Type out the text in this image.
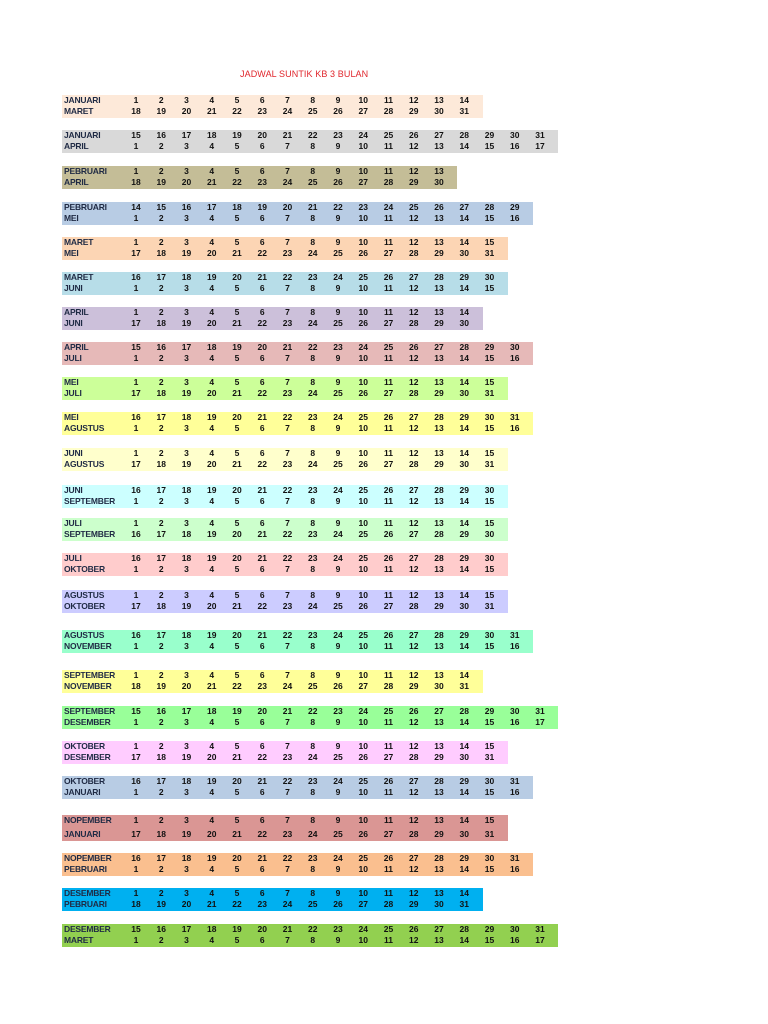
JADWAL SUNTIK KB 3 BULAN
JANUARI	1	2	3	4	5	6	7	8	9	10	11	12	13	14
MARET	18	19	20	21	22	23	24	25	26	27	28	29	30	31
JANUARI	15	16	17	18	19	20	21	22	23	24	25	26	27	28	29	30	31
APRIL	1	2	3	4	5	6	7	8	9	10	11	12	13	14	15	16	17
PEBRUARI	1	2	3	4	5	6	7	8	9	10	11	12	13
APRIL	18	19	20	21	22	23	24	25	26	27	28	29	30
PEBRUARI	14	15	16	17	18	19	20	21	22	23	24	25	26	27	28	29
MEI	1	2	3	4	5	6	7	8	9	10	11	12	13	14	15	16
MARET	1	2	3	4	5	6	7	8	9	10	11	12	13	14	15
MEI	17	18	19	20	21	22	23	24	25	26	27	28	29	30	31
MARET	16	17	18	19	20	21	22	23	24	25	26	27	28	29	30
JUNI	1	2	3	4	5	6	7	8	9	10	11	12	13	14	15
APRIL	1	2	3	4	5	6	7	8	9	10	11	12	13	14
JUNI	17	18	19	20	21	22	23	24	25	26	27	28	29	30
APRIL	15	16	17	18	19	20	21	22	23	24	25	26	27	28	29	30
JULI	1	2	3	4	5	6	7	8	9	10	11	12	13	14	15	16
MEI	1	2	3	4	5	6	7	8	9	10	11	12	13	14	15
JULI	17	18	19	20	21	22	23	24	25	26	27	28	29	30	31
MEI	16	17	18	19	20	21	22	23	24	25	26	27	28	29	30	31
AGUSTUS	1	2	3	4	5	6	7	8	9	10	11	12	13	14	15	16
JUNI	1	2	3	4	5	6	7	8	9	10	11	12	13	14	15
AGUSTUS	17	18	19	20	21	22	23	24	25	26	27	28	29	30	31
JUNI	16	17	18	19	20	21	22	23	24	25	26	27	28	29	30
SEPTEMBER	1	2	3	4	5	6	7	8	9	10	11	12	13	14	15
JULI	1	2	3	4	5	6	7	8	9	10	11	12	13	14	15
SEPTEMBER	16	17	18	19	20	21	22	23	24	25	26	27	28	29	30
JULI	16	17	18	19	20	21	22	23	24	25	26	27	28	29	30
OKTOBER	1	2	3	4	5	6	7	8	9	10	11	12	13	14	15
AGUSTUS	1	2	3	4	5	6	7	8	9	10	11	12	13	14	15
OKTOBER	17	18	19	20	21	22	23	24	25	26	27	28	29	30	31
AGUSTUS	16	17	18	19	20	21	22	23	24	25	26	27	28	29	30	31
NOVEMBER	1	2	3	4	5	6	7	8	9	10	11	12	13	14	15	16
SEPTEMBER	1	2	3	4	5	6	7	8	9	10	11	12	13	14
NOVEMBER	18	19	20	21	22	23	24	25	26	27	28	29	30	31
SEPTEMBER	15	16	17	18	19	20	21	22	23	24	25	26	27	28	29	30	31
DESEMBER	1	2	3	4	5	6	7	8	9	10	11	12	13	14	15	16	17
OKTOBER	1	2	3	4	5	6	7	8	9	10	11	12	13	14	15
DESEMBER	17	18	19	20	21	22	23	24	25	26	27	28	29	30	31
OKTOBER	16	17	18	19	20	21	22	23	24	25	26	27	28	29	30	31
JANUARI	1	2	3	4	5	6	7	8	9	10	11	12	13	14	15	16
NOPEMBER	1	2	3	4	5	6	7	8	9	10	11	12	13	14	15
JANUARI	17	18	19	20	21	22	23	24	25	26	27	28	29	30	31
NOPEMBER	16	17	18	19	20	21	22	23	24	25	26	27	28	29	30	31
PEBRUARI	1	2	3	4	5	6	7	8	9	10	11	12	13	14	15	16
DESEMBER	1	2	3	4	5	6	7	8	9	10	11	12	13	14
PEBRUARI	18	19	20	21	22	23	24	25	26	27	28	29	30	31
DESEMBER	15	16	17	18	19	20	21	22	23	24	25	26	27	28	29	30	31
MARET	1	2	3	4	5	6	7	8	9	10	11	12	13	14	15	16	17
